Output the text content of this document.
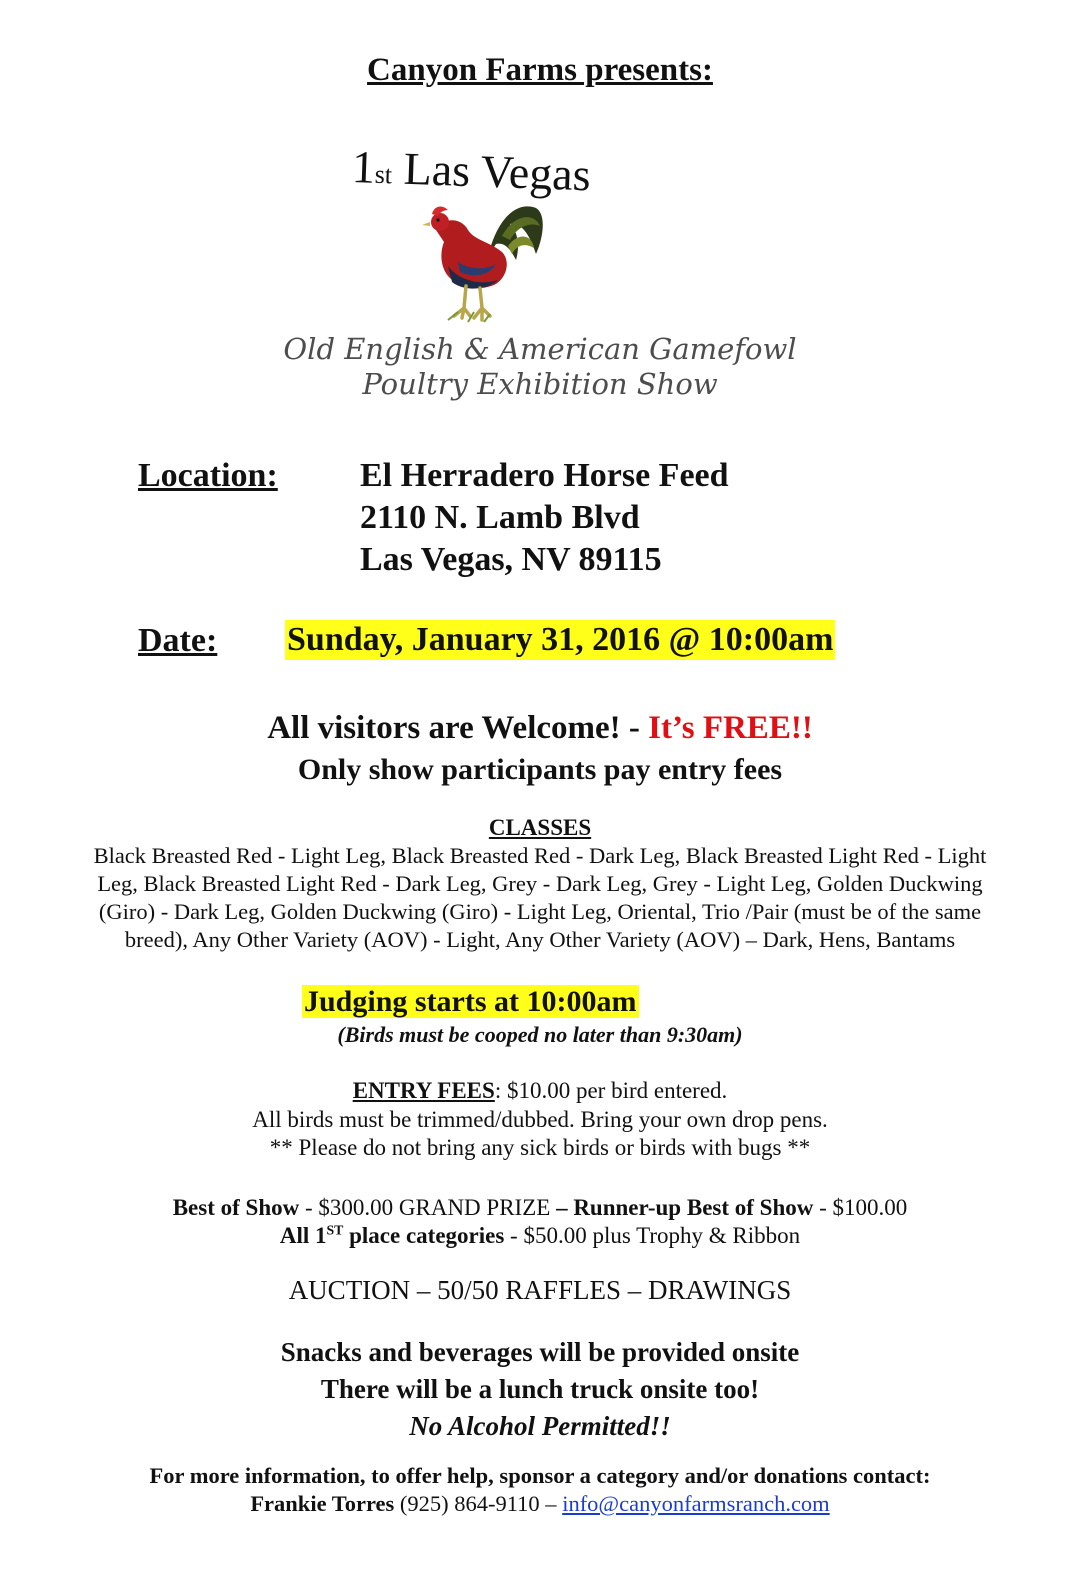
Canyon Farms presents:
1st Las Vegas
Old English & American Gamefowl
Poultry Exhibition Show
Location: El Herradero Horse Feed
2110 N. Lamb Blvd
Las Vegas, NV 89115
Date: Sunday, January 31, 2016 @ 10:00am
All visitors are Welcome! - It’s FREE!!
Only show participants pay entry fees
CLASSES
Black Breasted Red - Light Leg, Black Breasted Red - Dark Leg, Black Breasted Light Red - Light
Leg, Black Breasted Light Red - Dark Leg, Grey - Dark Leg, Grey - Light Leg, Golden Duckwing
(Giro) - Dark Leg, Golden Duckwing (Giro) - Light Leg, Oriental, Trio /Pair (must be of the same
breed), Any Other Variety (AOV) - Light, Any Other Variety (AOV) – Dark, Hens, Bantams
Judging starts at 10:00am
(Birds must be cooped no later than 9:30am)
ENTRY FEES: $10.00 per bird entered.
All birds must be trimmed/dubbed. Bring your own drop pens.
** Please do not bring any sick birds or birds with bugs **
Best of Show - $300.00 GRAND PRIZE – Runner-up Best of Show - $100.00
All 1ST place categories - $50.00 plus Trophy & Ribbon
AUCTION – 50/50 RAFFLES – DRAWINGS
Snacks and beverages will be provided onsite
There will be a lunch truck onsite too!
No Alcohol Permitted!!
For more information, to offer help, sponsor a category and/or donations contact:
Frankie Torres (925) 864-9110 – info@canyonfarmsranch.com
